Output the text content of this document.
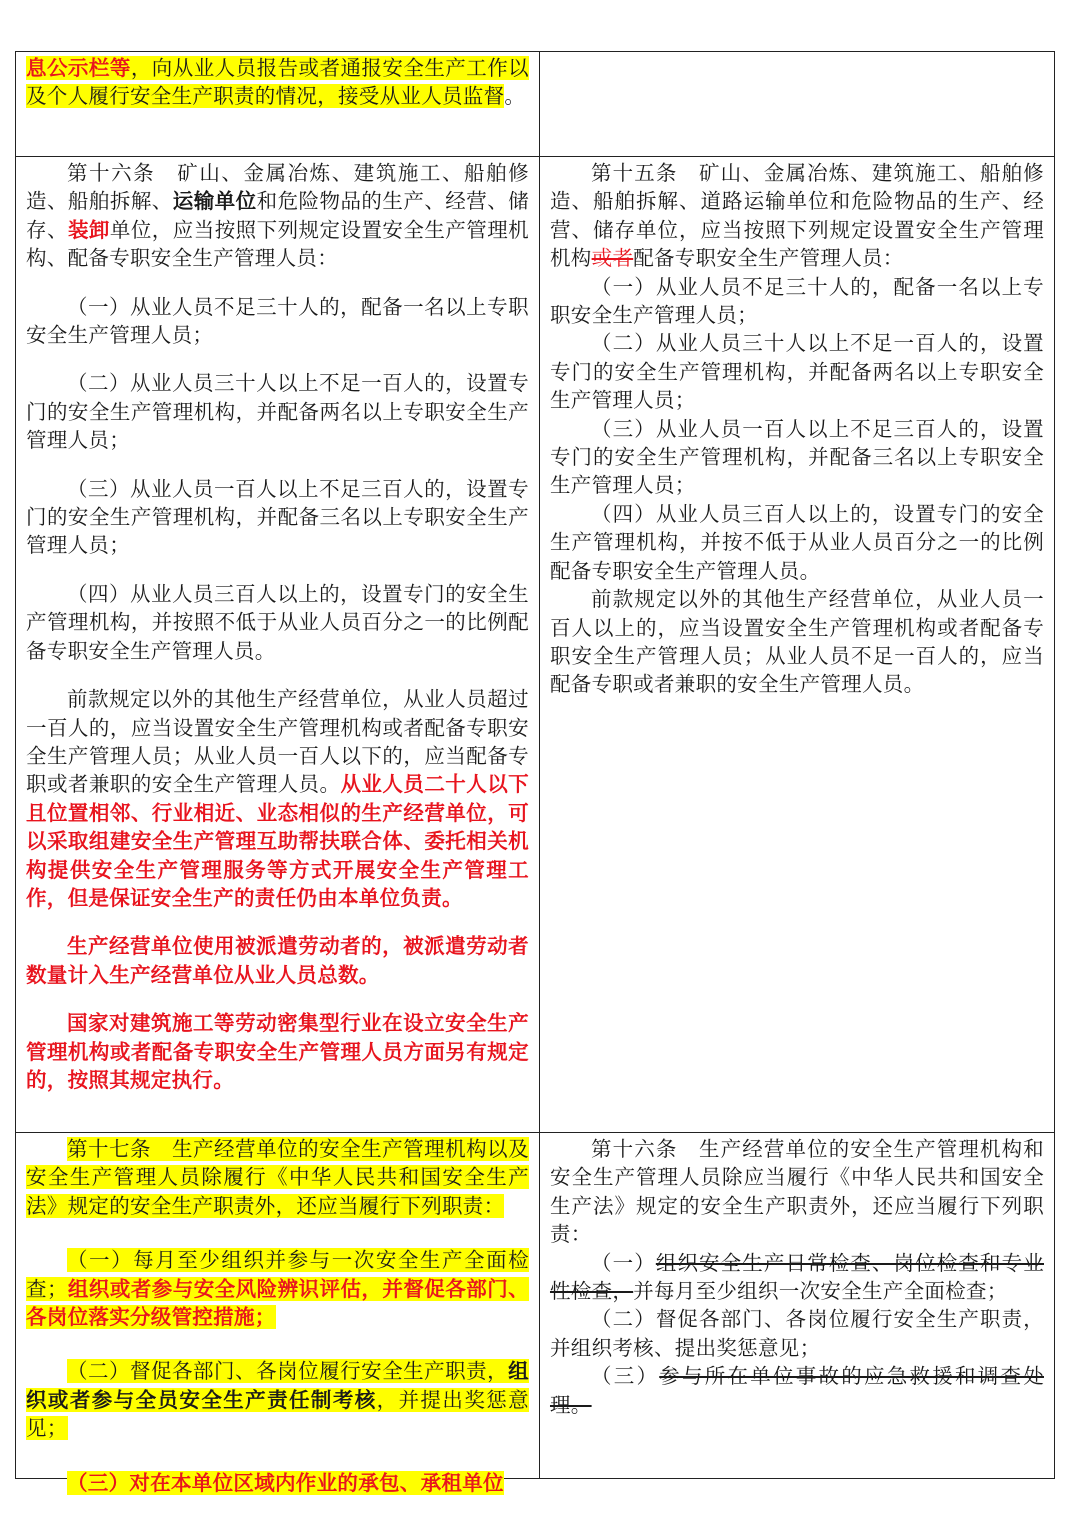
息公示栏等，向从业人员报告或者通报安全生产工作以及个人履行安全生产职责的情况，接受从业人员监督。

第十六条　矿山、金属冶炼、建筑施工、船舶修造、船舶拆解、运输单位和危险物品的生产、经营、储存、装卸单位，应当按照下列规定设置安全生产管理机构、配备专职安全生产管理人员：

（一）从业人员不足三十人的，配备一名以上专职安全生产管理人员；

（二）从业人员三十人以上不足一百人的，设置专门的安全生产管理机构，并配备两名以上专职安全生产管理人员；

（三）从业人员一百人以上不足三百人的，设置专门的安全生产管理机构，并配备三名以上专职安全生产管理人员；

（四）从业人员三百人以上的，设置专门的安全生产管理机构，并按照不低于从业人员百分之一的比例配备专职安全生产管理人员。

前款规定以外的其他生产经营单位，从业人员超过一百人的，应当设置安全生产管理机构或者配备专职安全生产管理人员；从业人员一百人以下的，应当配备专职或者兼职的安全生产管理人员。从业人员二十人以下且位置相邻、行业相近、业态相似的生产经营单位，可以采取组建安全生产管理互助帮扶联合体、委托相关机构提供安全生产管理服务等方式开展安全生产管理工作，但是保证安全生产的责任仍由本单位负责。

生产经营单位使用被派遣劳动者的，被派遣劳动者数量计入生产经营单位从业人员总数。

国家对建筑施工等劳动密集型行业在设立安全生产管理机构或者配备专职安全生产管理人员方面另有规定的，按照其规定执行。

第十五条　矿山、金属冶炼、建筑施工、船舶修造、船舶拆解、道路运输单位和危险物品的生产、经营、储存单位，应当按照下列规定设置安全生产管理机构或者配备专职安全生产管理人员：

（一）从业人员不足三十人的，配备一名以上专职安全生产管理人员；

（二）从业人员三十人以上不足一百人的，设置专门的安全生产管理机构，并配备两名以上专职安全生产管理人员；

（三）从业人员一百人以上不足三百人的，设置专门的安全生产管理机构，并配备三名以上专职安全生产管理人员；

（四）从业人员三百人以上的，设置专门的安全生产管理机构，并按不低于从业人员百分之一的比例配备专职安全生产管理人员。

前款规定以外的其他生产经营单位，从业人员一百人以上的，应当设置安全生产管理机构或者配备专职安全生产管理人员；从业人员不足一百人的，应当配备专职或者兼职的安全生产管理人员。

第十七条　生产经营单位的安全生产管理机构以及安全生产管理人员除履行《中华人民共和国安全生产法》规定的安全生产职责外，还应当履行下列职责：

（一）每月至少组织并参与一次安全生产全面检查；组织或者参与安全风险辨识评估，并督促各部门、各岗位落实分级管控措施；

（二）督促各部门、各岗位履行安全生产职责，组织或者参与全员安全生产责任制考核，并提出奖惩意见；

（三）对在本单位区域内作业的承包、承租单位

第十六条　生产经营单位的安全生产管理机构和安全生产管理人员除应当履行《中华人民共和国安全生产法》规定的安全生产职责外，还应当履行下列职责：

（一）组织安全生产日常检查、岗位检查和专业性检查，并每月至少组织一次安全生产全面检查；

（二）督促各部门、各岗位履行安全生产职责，并组织考核、提出奖惩意见；

（三）参与所在单位事故的应急救援和调查处理。
